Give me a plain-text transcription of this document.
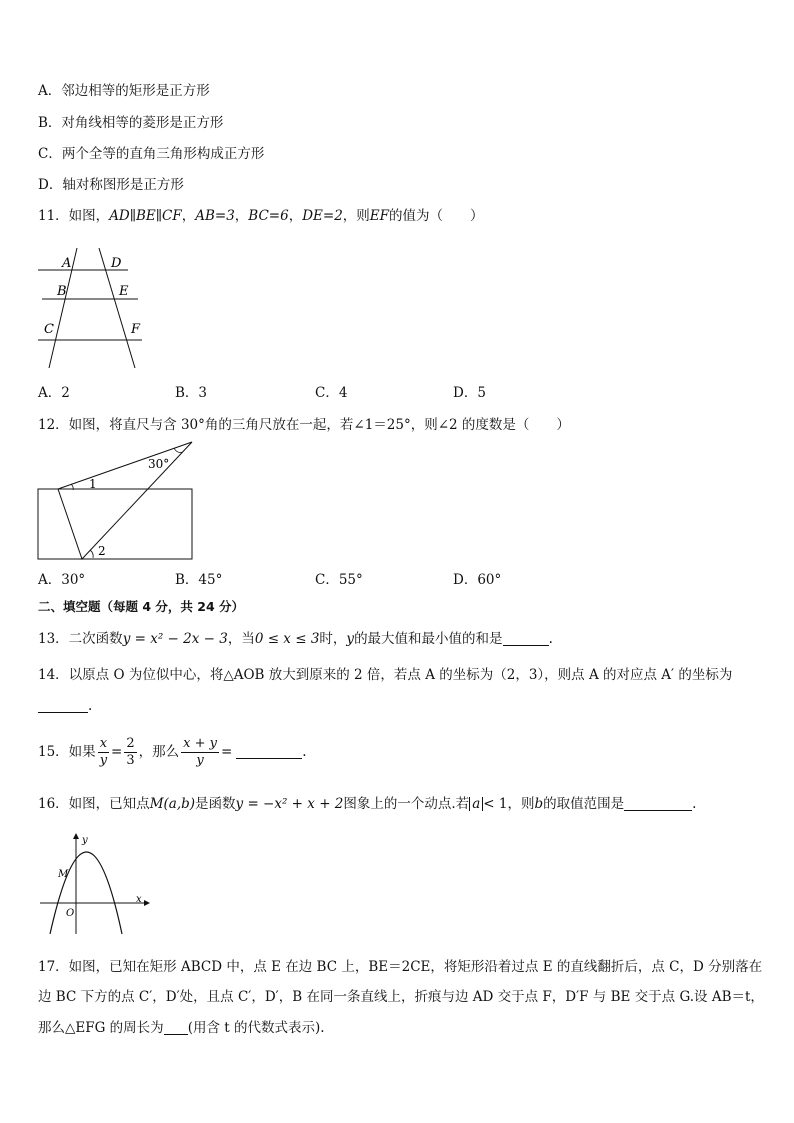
A．邻边相等的矩形是正方形
B．对角线相等的菱形是正方形
C．两个全等的直角三角形构成正方形
D．轴对称图形是正方形
11．如图，AD∥BE∥CF，AB=3，BC=6，DE=2，则EF的值为（　　）
A	D
B	E
C	F
A．2	B．3	C．4	D．5
12．如图，将直尺与含 30°角的三角尺放在一起，若∠1＝25°，则∠2 的度数是（　　）
30°
1
2
A．30°	B．45°	C．55°	D．60°
二、填空题（每题 4 分，共 24 分）
13．二次函数y = x² − 2x − 3，当0 ≤ x ≤ 3时，y的最大值和最小值的和是	.
14．以原点 O 为位似中心，将△AOB 放大到原来的 2 倍，若点 A 的坐标为（2，3），则点 A 的对应点 A′ 的坐标为
.
15．如果 $\frac{x}{y} = \frac{2}{3}$ ，那么 $\frac{x + y}{y}$ =	.
16．如图，已知点M(a,b)是函数y = −x² + x + 2图象上的一个动点.若 a < 1，则b的取值范围是	.
y
x
M
O
17．如图，已知在矩形 ABCD 中，点 E 在边 BC 上，BE＝2CE，将矩形沿着过点 E 的直线翻折后，点 C，D 分别落在
边 BC 下方的点 C′，D′处，且点 C′，D′，B 在同一条直线上，折痕与边 AD 交于点 F，D′F 与 BE 交于点 G.设 AB＝t，
那么△EFG 的周长为 (用含 t 的代数式表示).
